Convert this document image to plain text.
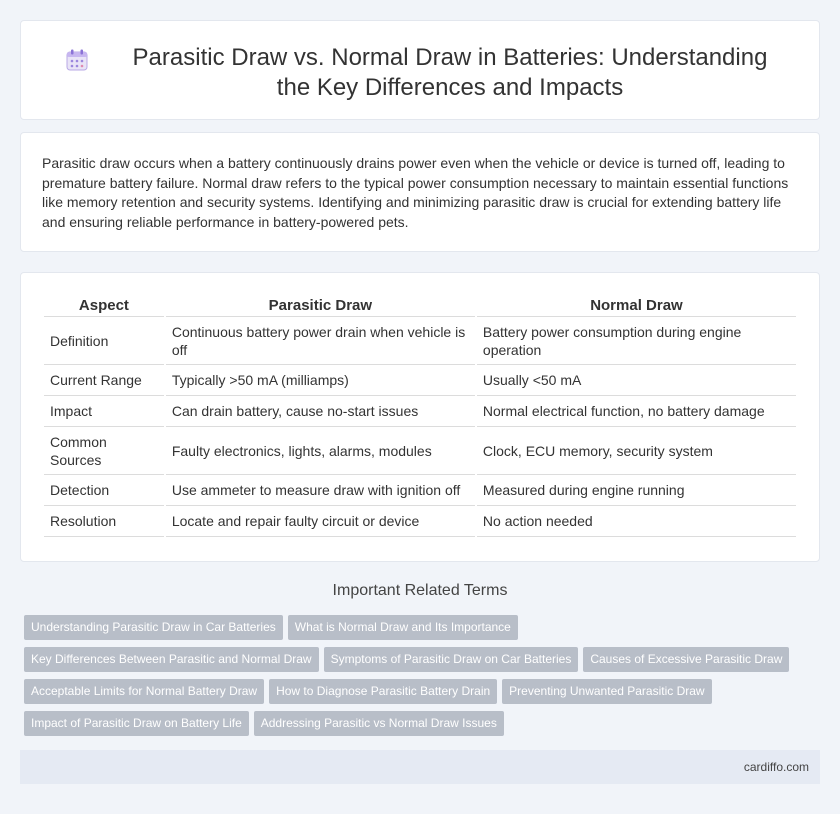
Parasitic Draw vs. Normal Draw in Batteries: Understanding the Key Differences and Impacts

Parasitic draw occurs when a battery continuously drains power even when the vehicle or device is turned off, leading to premature battery failure. Normal draw refers to the typical power consumption necessary to maintain essential functions like memory retention and security systems. Identifying and minimizing parasitic draw is crucial for extending battery life and ensuring reliable performance in battery-powered pets.

Aspect	Parasitic Draw	Normal Draw
Definition	Continuous battery power drain when vehicle is off	Battery power consumption during engine operation
Current Range	Typically >50 mA (milliamps)	Usually <50 mA
Impact	Can drain battery, cause no-start issues	Normal electrical function, no battery damage
Common Sources	Faulty electronics, lights, alarms, modules	Clock, ECU memory, security system
Detection	Use ammeter to measure draw with ignition off	Measured during engine running
Resolution	Locate and repair faulty circuit or device	No action needed
Important Related Terms
Understanding Parasitic Draw in Car Batteries What is Normal Draw and Its Importance
Key Differences Between Parasitic and Normal Draw Symptoms of Parasitic Draw on Car Batteries Causes of Excessive Parasitic Draw
Acceptable Limits for Normal Battery Draw How to Diagnose Parasitic Battery Drain Preventing Unwanted Parasitic Draw
Impact of Parasitic Draw on Battery Life Addressing Parasitic vs Normal Draw Issues
cardiffo.com
